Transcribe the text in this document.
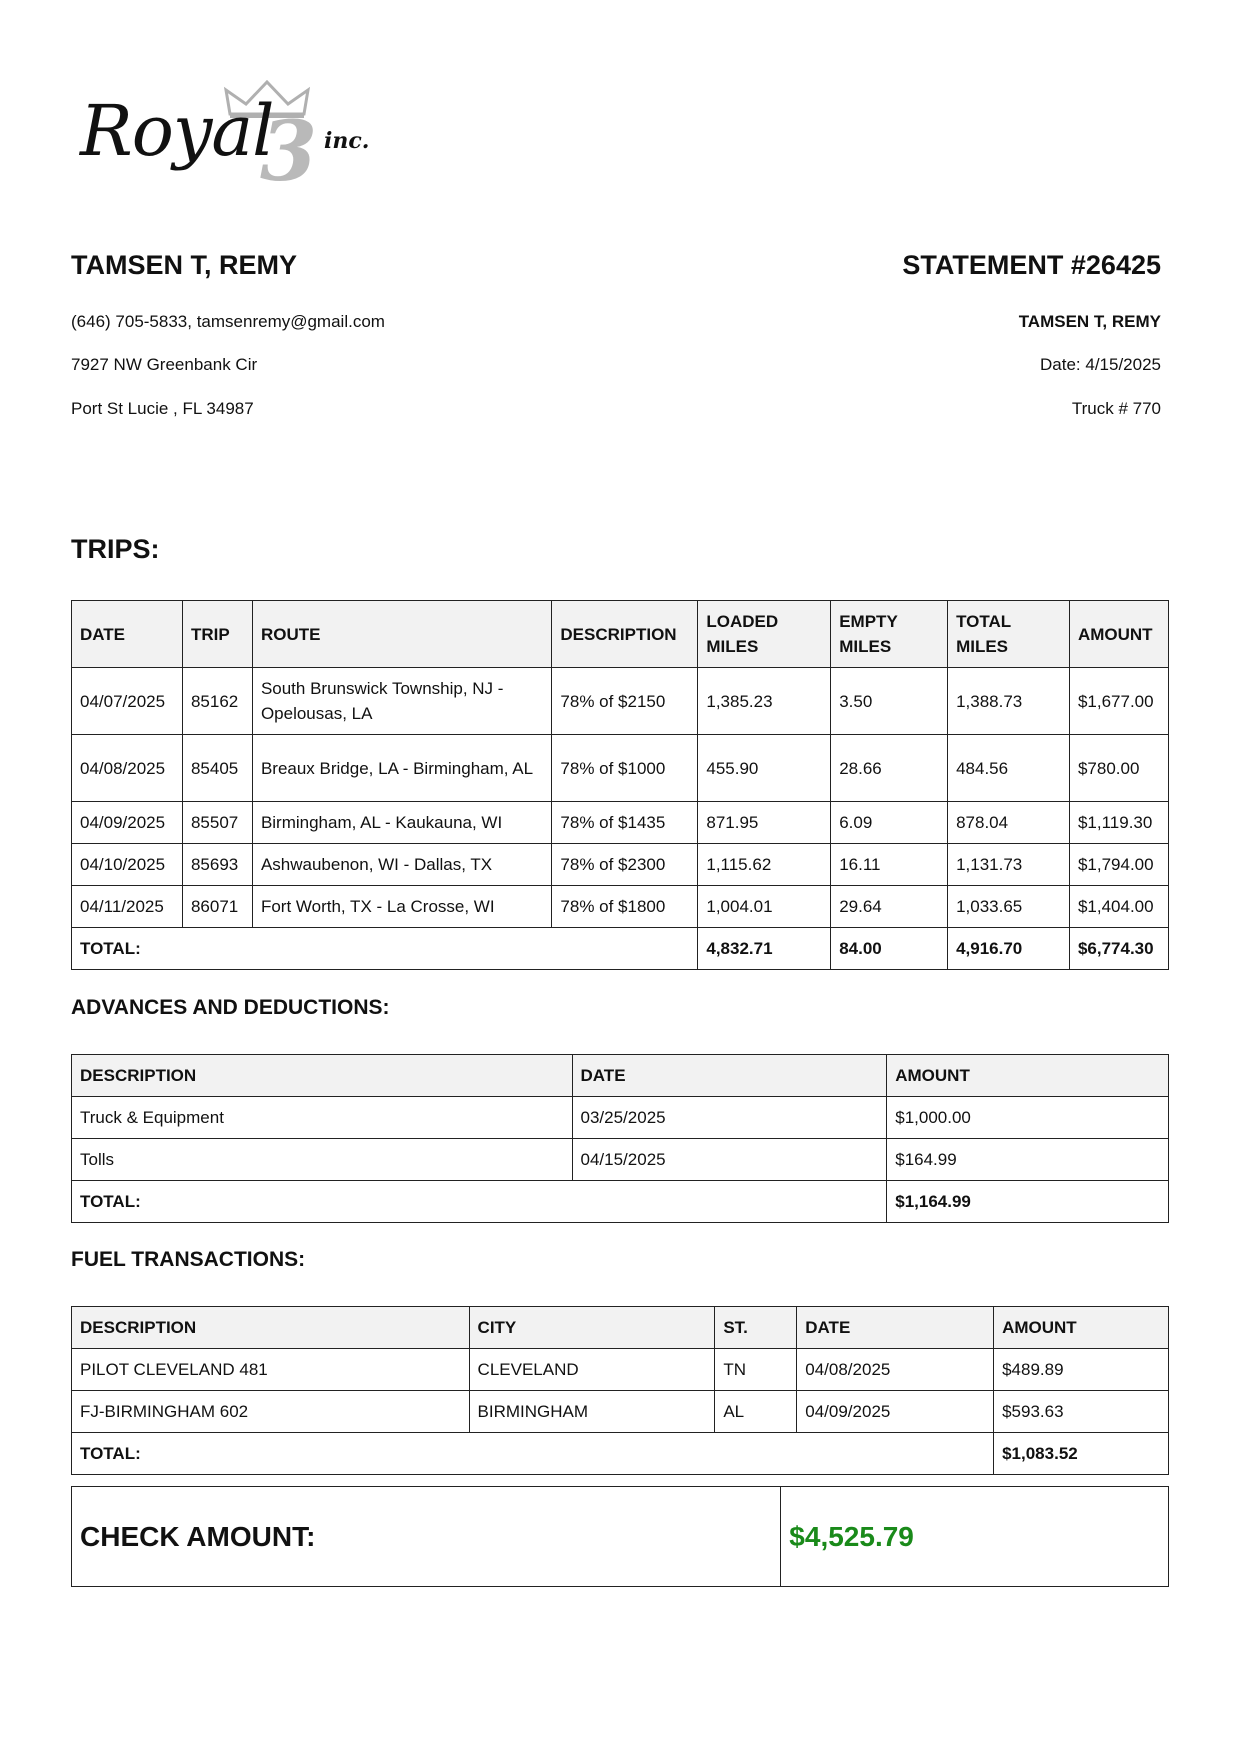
Royal
3 inc.
TAMSEN T, REMY	STATEMENT #26425
(646) 705-5833, tamsenremy@gmail.com
7927 NW Greenbank Cir
Port St Lucie , FL 34987
TAMSEN T, REMY
Date: 4/15/2025
Truck # 770
TRIPS:
DATE	TRIP	ROUTE	DESCRIPTION	LOADED MILES	EMPTY MILES	TOTAL MILES	AMOUNT
04/07/2025	85162	South Brunswick Township, NJ - Opelousas, LA	78% of $2150	1,385.23	3.50	1,388.73	$1,677.00
04/08/2025	85405	Breaux Bridge, LA - Birmingham, AL	78% of $1000	455.90	28.66	484.56	$780.00
04/09/2025	85507	Birmingham, AL - Kaukauna, WI	78% of $1435	871.95	6.09	878.04	$1,119.30
04/10/2025	85693	Ashwaubenon, WI - Dallas, TX	78% of $2300	1,115.62	16.11	1,131.73	$1,794.00
04/11/2025	86071	Fort Worth, TX - La Crosse, WI	78% of $1800	1,004.01	29.64	1,033.65	$1,404.00
TOTAL:				4,832.71	84.00	4,916.70	$6,774.30
ADVANCES AND DEDUCTIONS:
DESCRIPTION	DATE	AMOUNT
Truck & Equipment	03/25/2025	$1,000.00
Tolls	04/15/2025	$164.99
TOTAL:		$1,164.99
FUEL TRANSACTIONS:
DESCRIPTION	CITY	ST.	DATE	AMOUNT
PILOT CLEVELAND 481	CLEVELAND	TN	04/08/2025	$489.89
FJ-BIRMINGHAM 602	BIRMINGHAM	AL	04/09/2025	$593.63
TOTAL:				$1,083.52
CHECK AMOUNT:	$4,525.79
